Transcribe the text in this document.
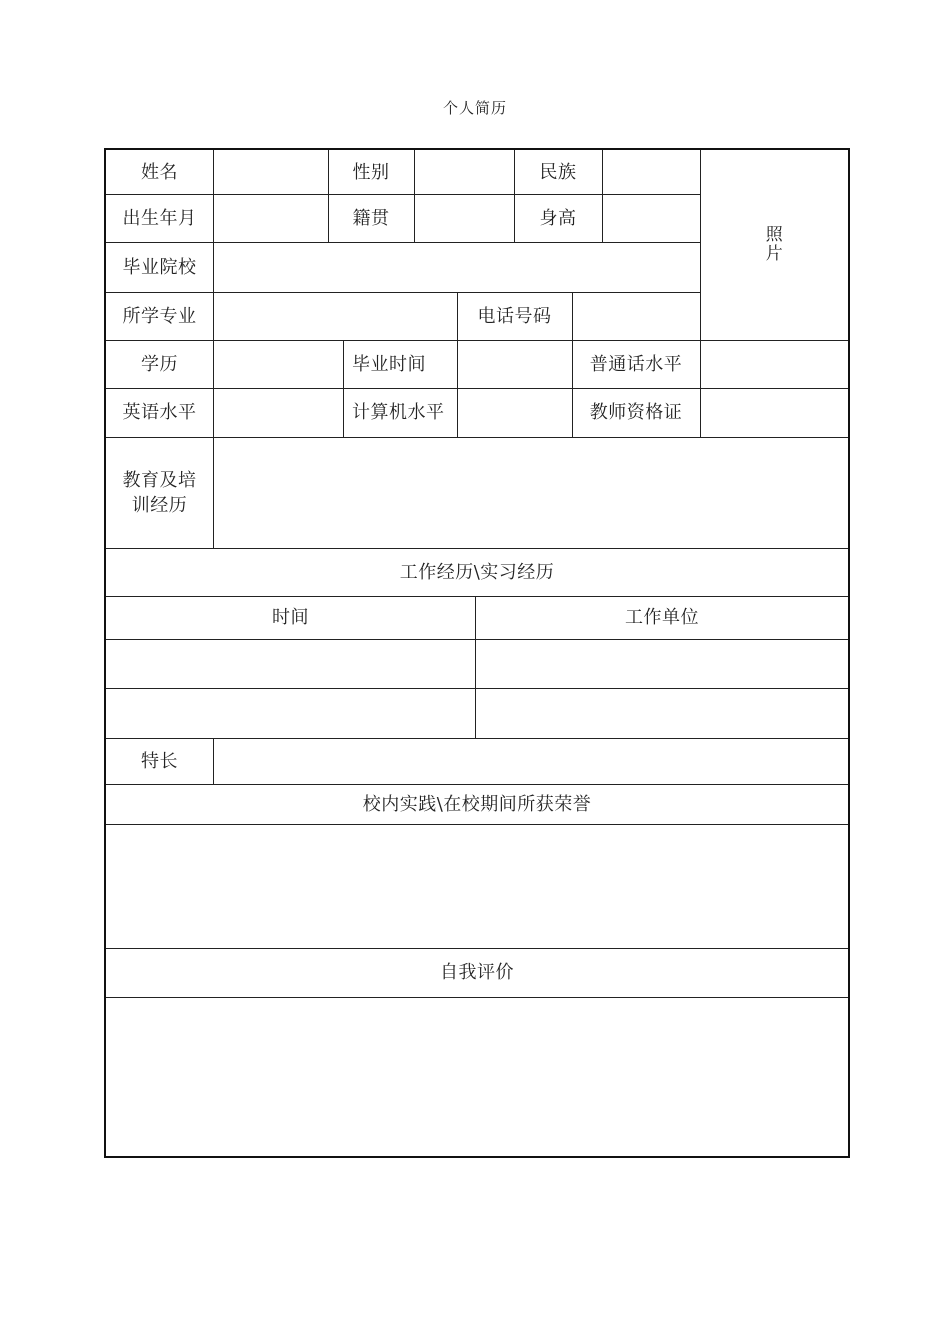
个人简历
姓名	性别	民族
出生年月	籍贯	身高
照
片
毕业院校
所学专业	电话号码
学历	毕业时间	普通话水平
英语水平	计算机水平	教师资格证
教育及培
训经历
工作经历\实习经历
时间	工作单位
特长
校内实践\在校期间所获荣誉
自我评价
